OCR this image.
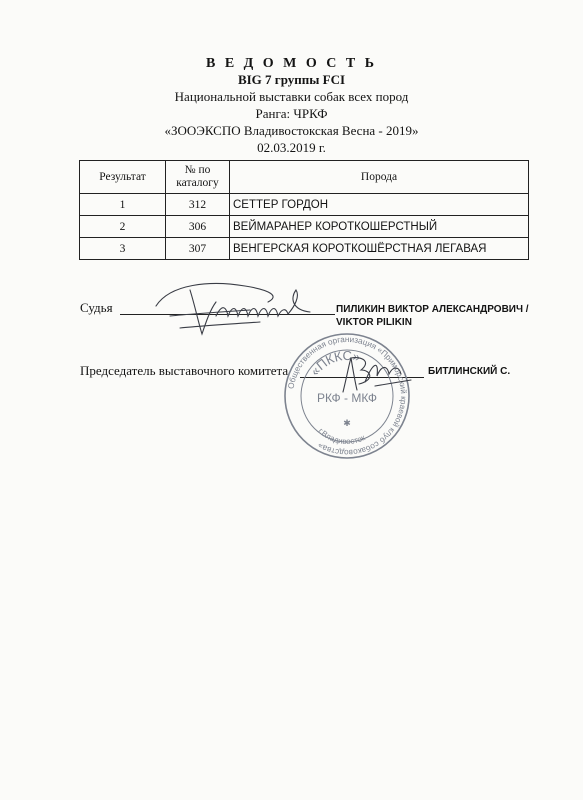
В Е Д О М О С Т Ь
BIG 7 группы FCI
Национальной выставки собак всех пород
Ранга: ЧРКФ
«ЗООЭКСПО Владивостокская Весна - 2019»
02.03.2019 г.
Результат	№ по каталогу	Порода
1	312	СЕТТЕР ГОРДОН
2	306	ВЕЙМАРАНЕР КОРОТКОШЕРСТНЫЙ
3	307	ВЕНГЕРСКАЯ КОРОТКОШЁРСТНАЯ ЛЕГАВАЯ
Судья	ПИЛИКИН ВИКТОР АЛЕКСАНДРОВИЧ /
VIKTOR PILIKIN
Председатель выставочного комитета	БИТЛИНСКИЙ С.
Общественная организация «Приморский краевой клуб собаководства»
«ПККС»
РКФ - МКФ
г.Владивосток
✱
